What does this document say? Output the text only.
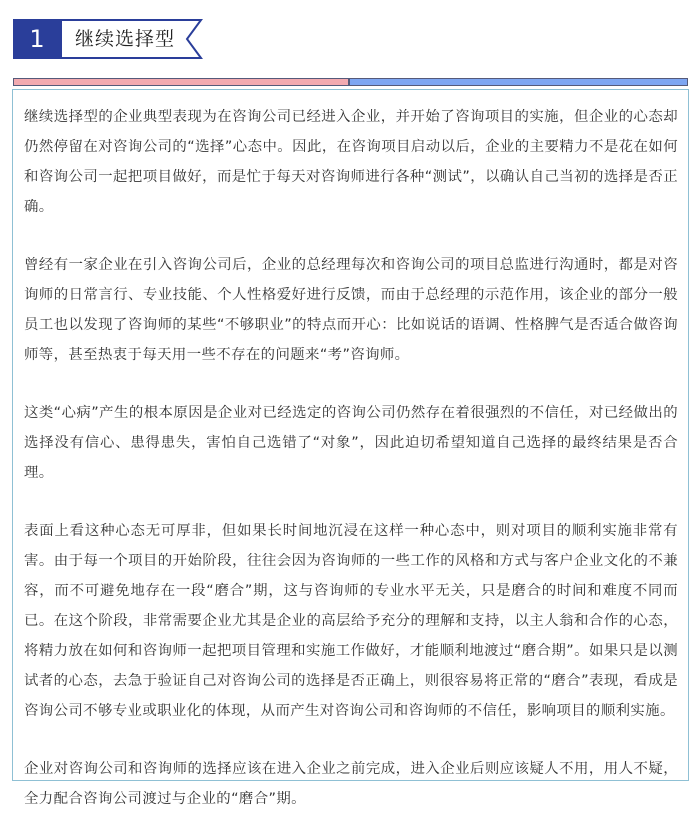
1	继续选择型

继续选择型的企业典型表现为在咨询公司已经进入企业，并开始了咨询项目的实施，但企业的心态却仍然停留在对咨询公司的“选择”心态中。因此，在咨询项目启动以后，企业的主要精力不是花在如何和咨询公司一起把项目做好，而是忙于每天对咨询师进行各种“测试”，以确认自己当初的选择是否正确。

曾经有一家企业在引入咨询公司后，企业的总经理每次和咨询公司的项目总监进行沟通时，都是对咨询师的日常言行、专业技能、个人性格爱好进行反馈，而由于总经理的示范作用，该企业的部分一般员工也以发现了咨询师的某些“不够职业”的特点而开心：比如说话的语调、性格脾气是否适合做咨询师等，甚至热衷于每天用一些不存在的问题来“考”咨询师。

这类“心病”产生的根本原因是企业对已经选定的咨询公司仍然存在着很强烈的不信任，对已经做出的选择没有信心、患得患失，害怕自己选错了“对象”，因此迫切希望知道自己选择的最终结果是否合理。

表面上看这种心态无可厚非，但如果长时间地沉浸在这样一种心态中，则对项目的顺利实施非常有害。由于每一个项目的开始阶段，往往会因为咨询师的一些工作的风格和方式与客户企业文化的不兼容，而不可避免地存在一段“磨合”期，这与咨询师的专业水平无关，只是磨合的时间和难度不同而已。在这个阶段，非常需要企业尤其是企业的高层给予充分的理解和支持，以主人翁和合作的心态，将精力放在如何和咨询师一起把项目管理和实施工作做好，才能顺利地渡过“磨合期”。如果只是以测试者的心态，去急于验证自己对咨询公司的选择是否正确上，则很容易将正常的“磨合”表现，看成是咨询公司不够专业或职业化的体现，从而产生对咨询公司和咨询师的不信任，影响项目的顺利实施。

企业对咨询公司和咨询师的选择应该在进入企业之前完成，进入企业后则应该疑人不用，用人不疑，全力配合咨询公司渡过与企业的“磨合”期。
